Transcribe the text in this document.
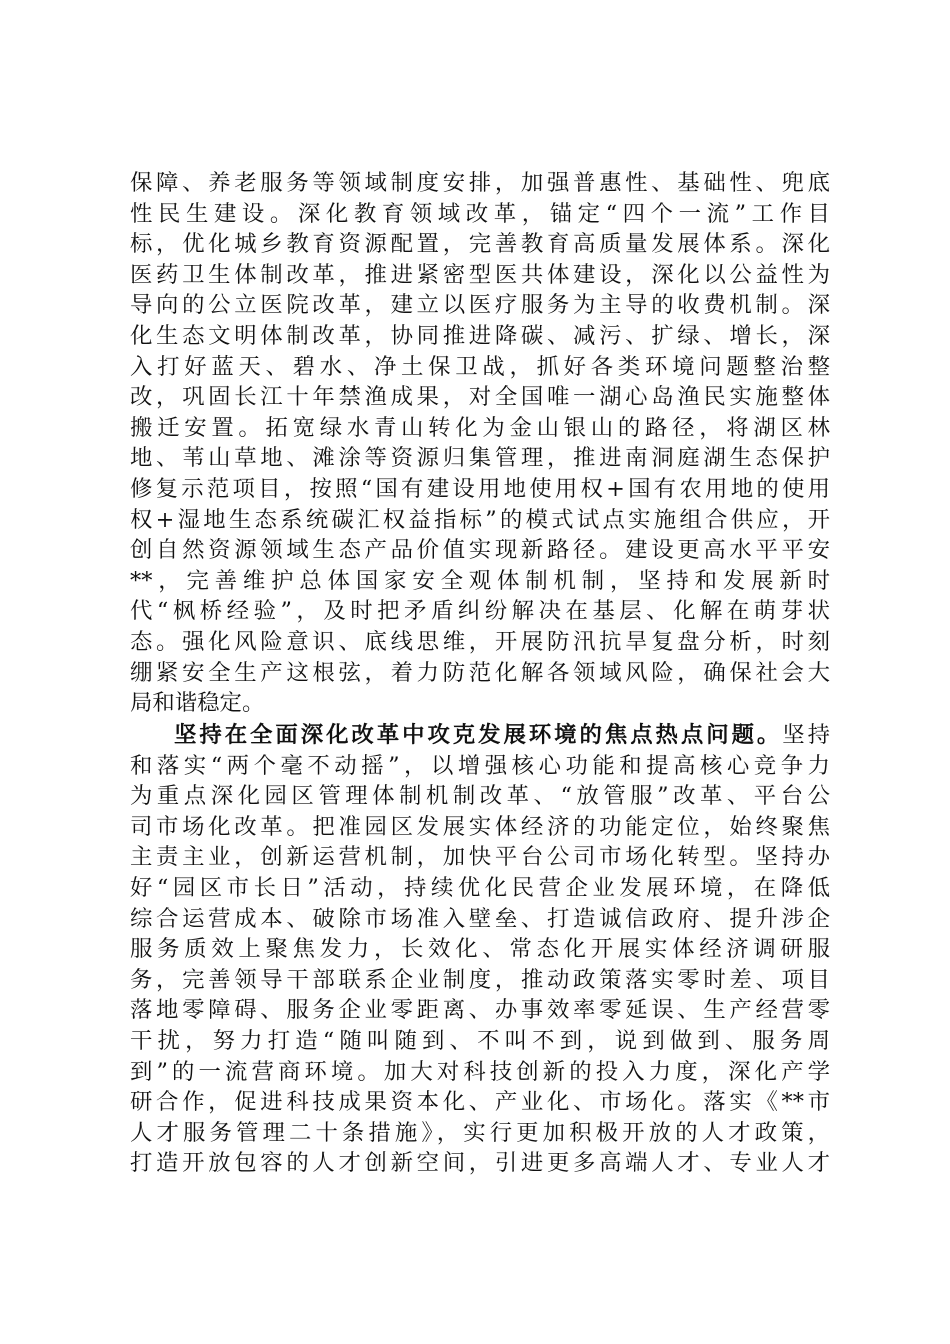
保障、养老服务等领域制度安排，加强普惠性、基础性、兜底
性民生建设。深化教育领域改革，锚定“四个一流”工作目
标，优化城乡教育资源配置，完善教育高质量发展体系。深化
医药卫生体制改革，推进紧密型医共体建设，深化以公益性为
导向的公立医院改革，建立以医疗服务为主导的收费机制。深
化生态文明体制改革，协同推进降碳、减污、扩绿、增长，深
入打好蓝天、碧水、净土保卫战，抓好各类环境问题整治整
改，巩固长江十年禁渔成果，对全国唯一湖心岛渔民实施整体
搬迁安置。拓宽绿水青山转化为金山银山的路径，将湖区林
地、苇山草地、滩涂等资源归集管理，推进南洞庭湖生态保护
修复示范项目，按照“国有建设用地使用权+国有农用地的使用
权+湿地生态系统碳汇权益指标”的模式试点实施组合供应，开
创自然资源领域生态产品价值实现新路径。建设更高水平平安
**，完善维护总体国家安全观体制机制，坚持和发展新时
代“枫桥经验”，及时把矛盾纠纷解决在基层、化解在萌芽状
态。强化风险意识、底线思维，开展防汛抗旱复盘分析，时刻
绷紧安全生产这根弦，着力防范化解各领域风险，确保社会大
局和谐稳定。
坚持在全面深化改革中攻克发展环境的焦点热点问题。坚持
和落实“两个毫不动摇”，以增强核心功能和提高核心竞争力
为重点深化园区管理体制机制改革、“放管服”改革、平台公
司市场化改革。把准园区发展实体经济的功能定位，始终聚焦
主责主业，创新运营机制，加快平台公司市场化转型。坚持办
好“园区市长日”活动，持续优化民营企业发展环境，在降低
综合运营成本、破除市场准入壁垒、打造诚信政府、提升涉企
服务质效上聚焦发力，长效化、常态化开展实体经济调研服
务，完善领导干部联系企业制度，推动政策落实零时差、项目
落地零障碍、服务企业零距离、办事效率零延误、生产经营零
干扰，努力打造“随叫随到、不叫不到，说到做到、服务周
到”的一流营商环境。加大对科技创新的投入力度，深化产学
研合作，促进科技成果资本化、产业化、市场化。落实《**市
人才服务管理二十条措施》，实行更加积极开放的人才政策，
打造开放包容的人才创新空间，引进更多高端人才、专业人才
